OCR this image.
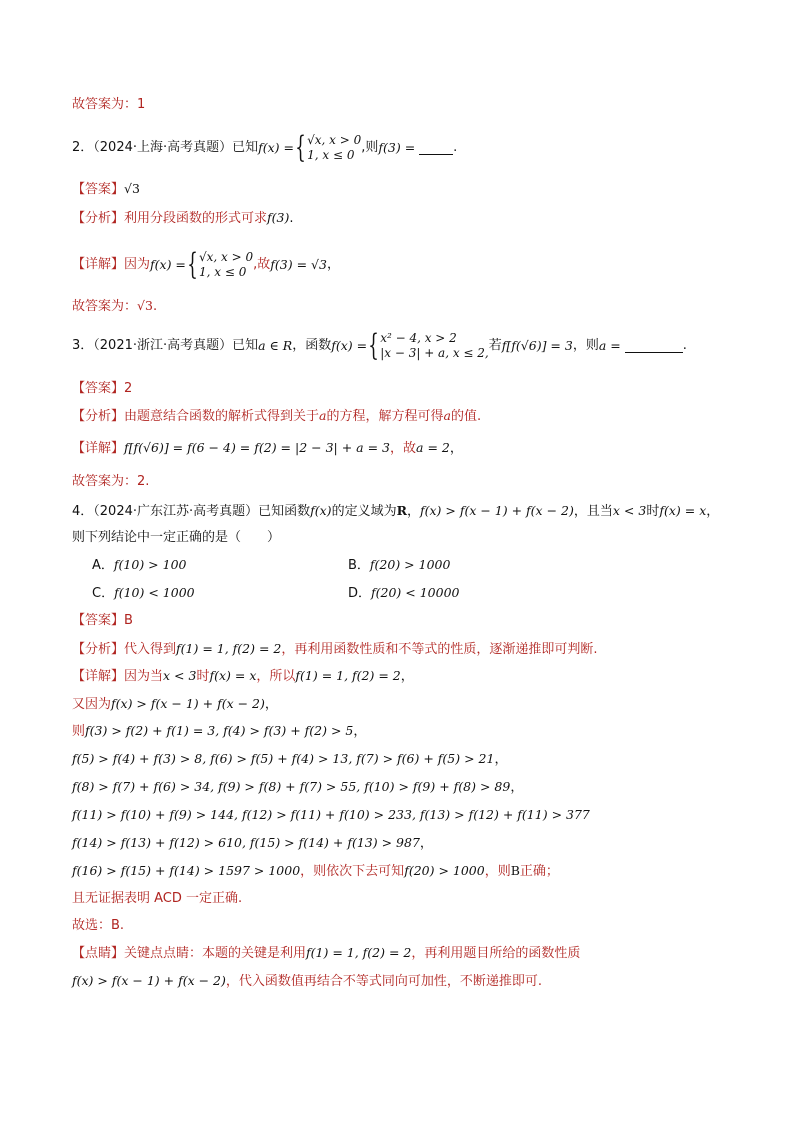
故答案为：1
2．（2024·上海·高考真题）已知 f(x) = { √x, x > 0
1, x ≤ 0 ,则 f(3) =	.
【答案】√3
【分析】利用分段函数的形式可求f(3).
【详解】 因为 f(x) = { √x, x > 0
1, x ≤ 0 ,故 f(3) = √3 ，
故答案为：√3.
3．（2021·浙江·高考真题）已知 a ∈ R ，函数 f(x) = { x² − 4, x > 2
|x − 3| + a, x ≤ 2, 若 f[f(√6)] = 3 ，则 a =	.
【答案】2
【分析】由题意结合函数的解析式得到关于a的方程，解方程可得a的值.
【详解】f[f(√6)] = f(6 − 4) = f(2) = |2 − 3| + a = 3，故a = 2，
故答案为：2.
4．（2024·广东江苏·高考真题）已知函数f(x)的定义域为R，f(x) > f(x − 1) + f(x − 2)，且当x < 3时f(x) = x，
则下列结论中一定正确的是（　　）
A．f(10) > 100	B．f(20) > 1000
C．f(10) < 1000	D．f(20) < 10000
【答案】B
【分析】代入得到f(1) = 1, f(2) = 2，再利用函数性质和不等式的性质，逐渐递推即可判断.
【详解】因为当x < 3时f(x) = x，所以f(1) = 1, f(2) = 2，
又因为f(x) > f(x − 1) + f(x − 2)，
则f(3) > f(2) + f(1) = 3, f(4) > f(3) + f(2) > 5，
f(5) > f(4) + f(3) > 8, f(6) > f(5) + f(4) > 13, f(7) > f(6) + f(5) > 21，
f(8) > f(7) + f(6) > 34, f(9) > f(8) + f(7) > 55, f(10) > f(9) + f(8) > 89，
f(11) > f(10) + f(9) > 144, f(12) > f(11) + f(10) > 233, f(13) > f(12) + f(11) > 377
f(14) > f(13) + f(12) > 610, f(15) > f(14) + f(13) > 987，
f(16) > f(15) + f(14) > 1597 > 1000，则依次下去可知f(20) > 1000，则B正确；
且无证据表明 ACD 一定正确.
故选：B.
【点睛】关键点点睛：本题的关键是利用f(1) = 1, f(2) = 2，再利用题目所给的函数性质
f(x) > f(x − 1) + f(x − 2)，代入函数值再结合不等式同向可加性，不断递推即可.
